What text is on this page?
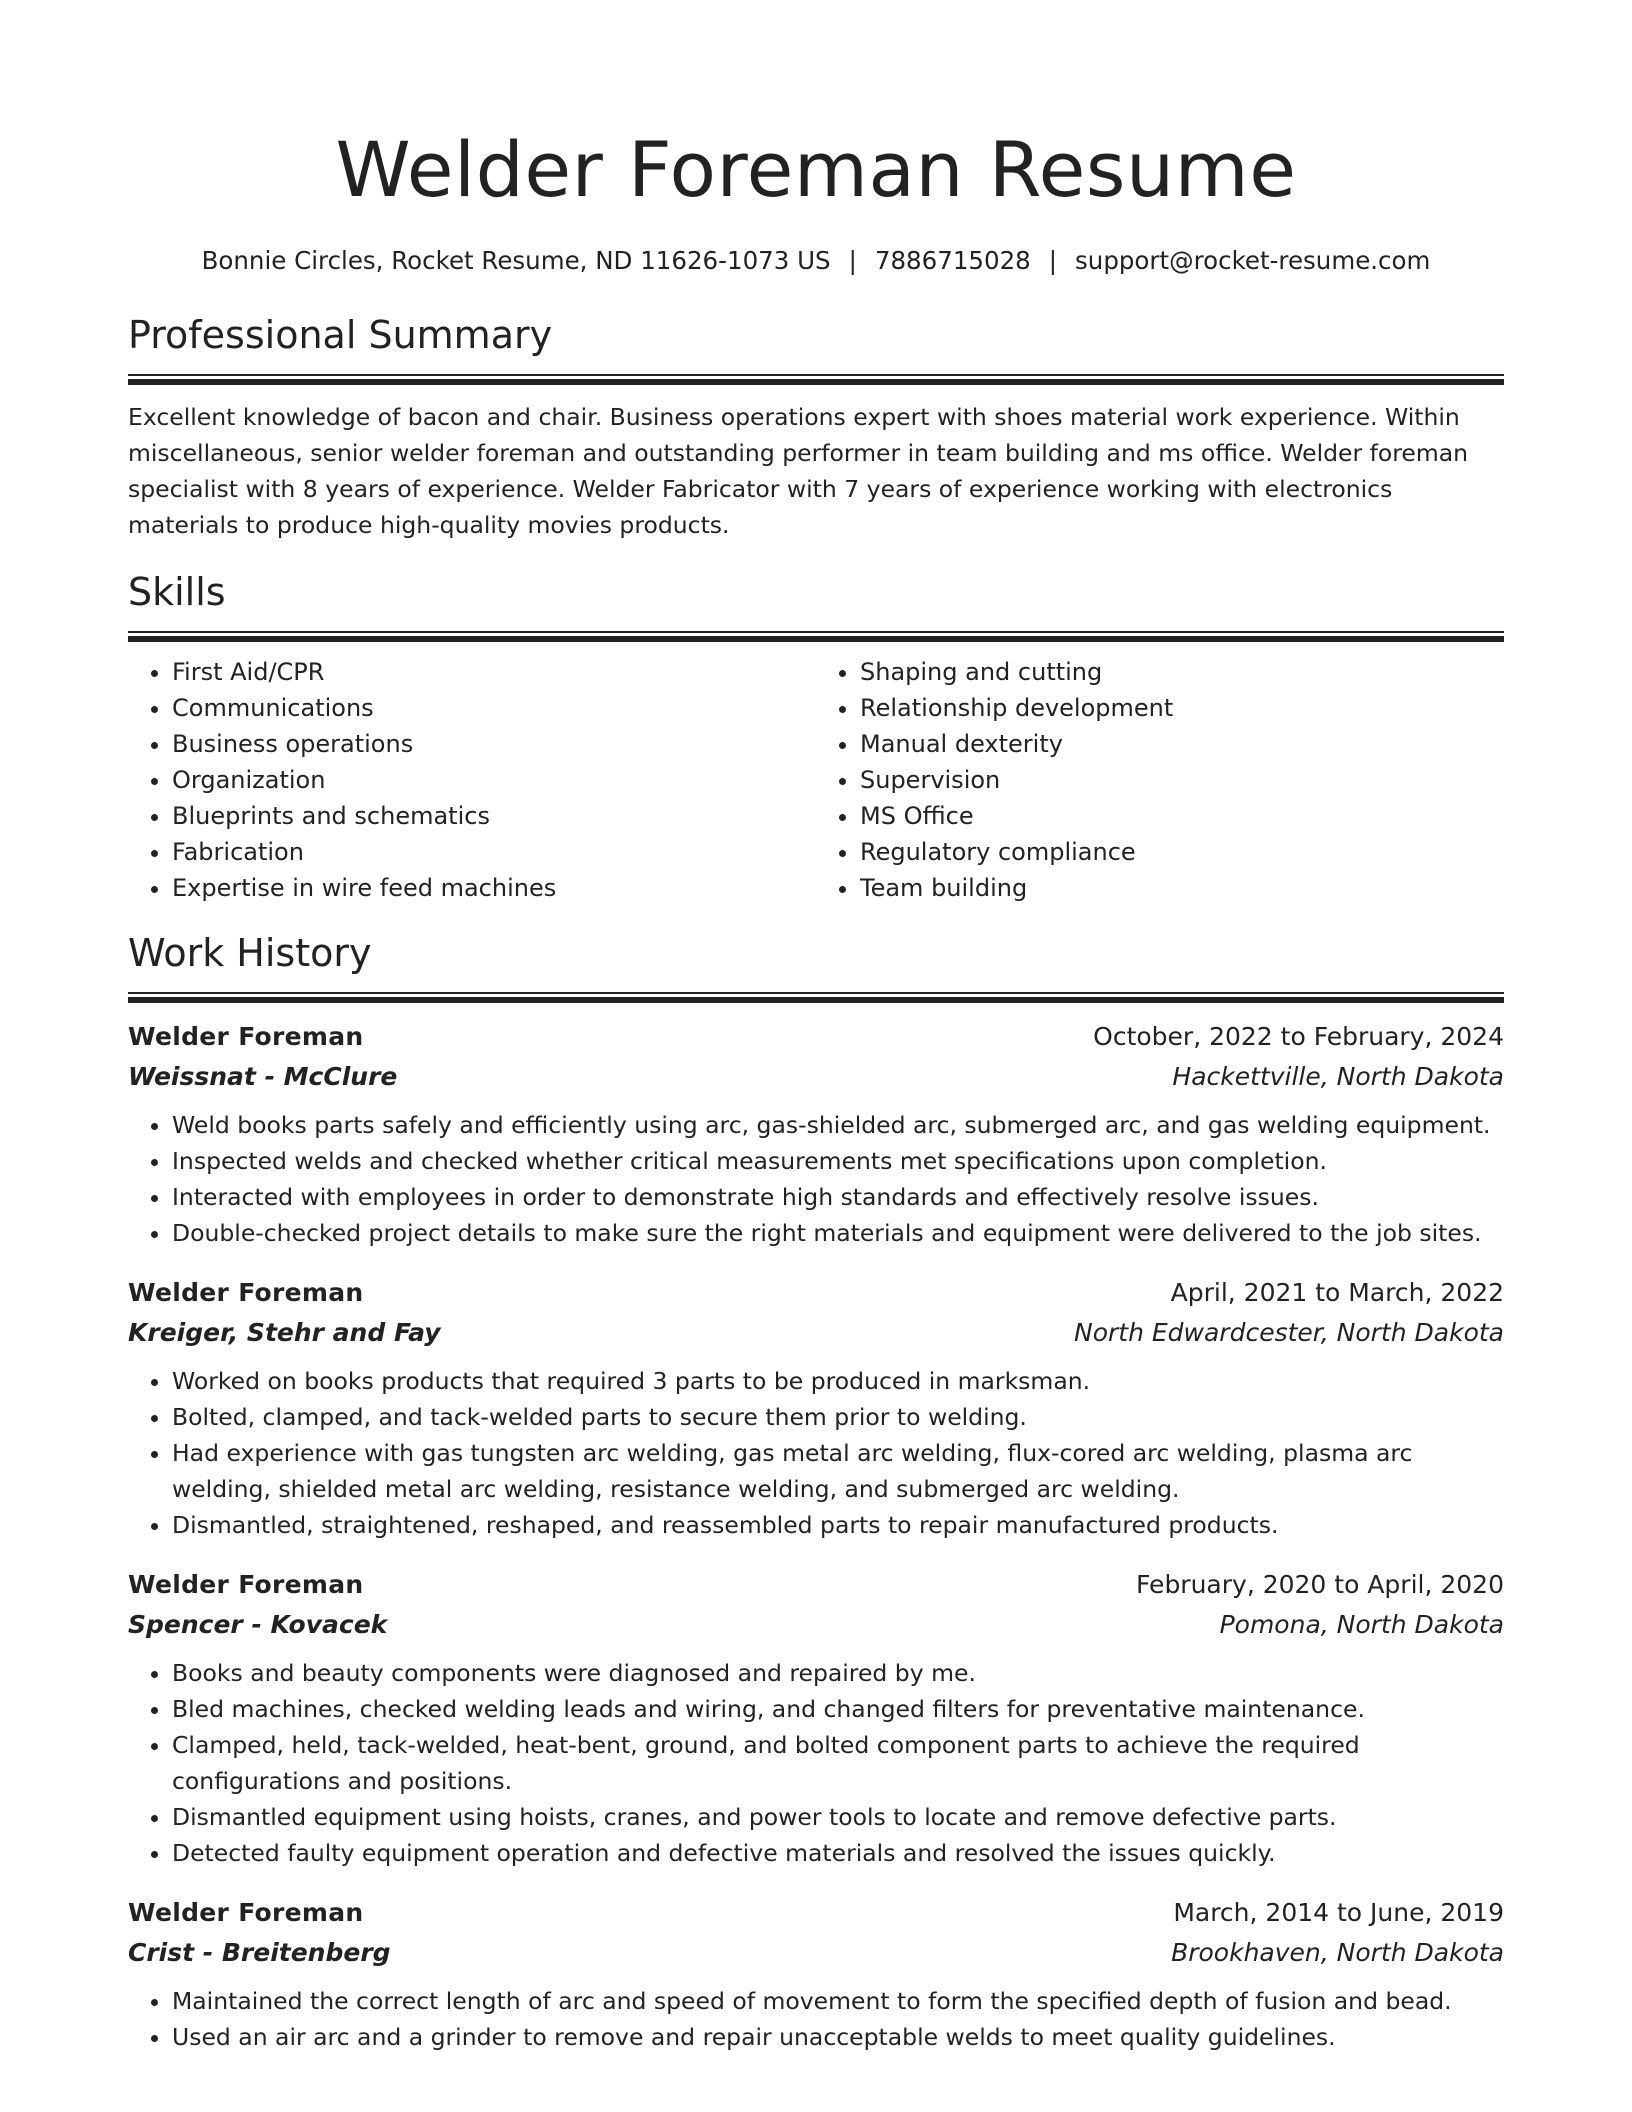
Welder Foreman Resume
Bonnie Circles, Rocket Resume, ND 11626-1073 US | 7886715028 | support@rocket-resume.com
Professional Summary

Excellent knowledge of bacon and chair. Business operations expert with shoes material work experience. Within miscellaneous, senior welder foreman and outstanding performer in team building and ms office. Welder foreman specialist with 8 years of experience. Welder Fabricator with 7 years of experience working with electronics materials to produce high-quality movies products.

Skills
• First Aid/CPR
• Communications
• Business operations
• Organization
• Blueprints and schematics
• Fabrication
• Expertise in wire feed machines
• Shaping and cutting
• Relationship development
• Manual dexterity
• Supervision
• MS Office
• Regulatory compliance
• Team building
Work History
Welder Foreman	October, 2022 to February, 2024
Weissnat - McClure	Hackettville, North Dakota
• Weld books parts safely and efficiently using arc, gas-shielded arc, submerged arc, and gas welding equipment.
• Inspected welds and checked whether critical measurements met specifications upon completion.
• Interacted with employees in order to demonstrate high standards and effectively resolve issues.
• Double-checked project details to make sure the right materials and equipment were delivered to the job sites.
Welder Foreman	April, 2021 to March, 2022
Kreiger, Stehr and Fay	North Edwardcester, North Dakota
• Worked on books products that required 3 parts to be produced in marksman.
• Bolted, clamped, and tack-welded parts to secure them prior to welding.
• Had experience with gas tungsten arc welding, gas metal arc welding, flux-cored arc welding, plasma arc welding, shielded metal arc welding, resistance welding, and submerged arc welding.
• Dismantled, straightened, reshaped, and reassembled parts to repair manufactured products.
Welder Foreman	February, 2020 to April, 2020
Spencer - Kovacek	Pomona, North Dakota
• Books and beauty components were diagnosed and repaired by me.
• Bled machines, checked welding leads and wiring, and changed filters for preventative maintenance.
• Clamped, held, tack-welded, heat-bent, ground, and bolted component parts to achieve the required configurations and positions.
• Dismantled equipment using hoists, cranes, and power tools to locate and remove defective parts.
• Detected faulty equipment operation and defective materials and resolved the issues quickly.
Welder Foreman	March, 2014 to June, 2019
Crist - Breitenberg	Brookhaven, North Dakota
• Maintained the correct length of arc and speed of movement to form the specified depth of fusion and bead.
• Used an air arc and a grinder to remove and repair unacceptable welds to meet quality guidelines.
